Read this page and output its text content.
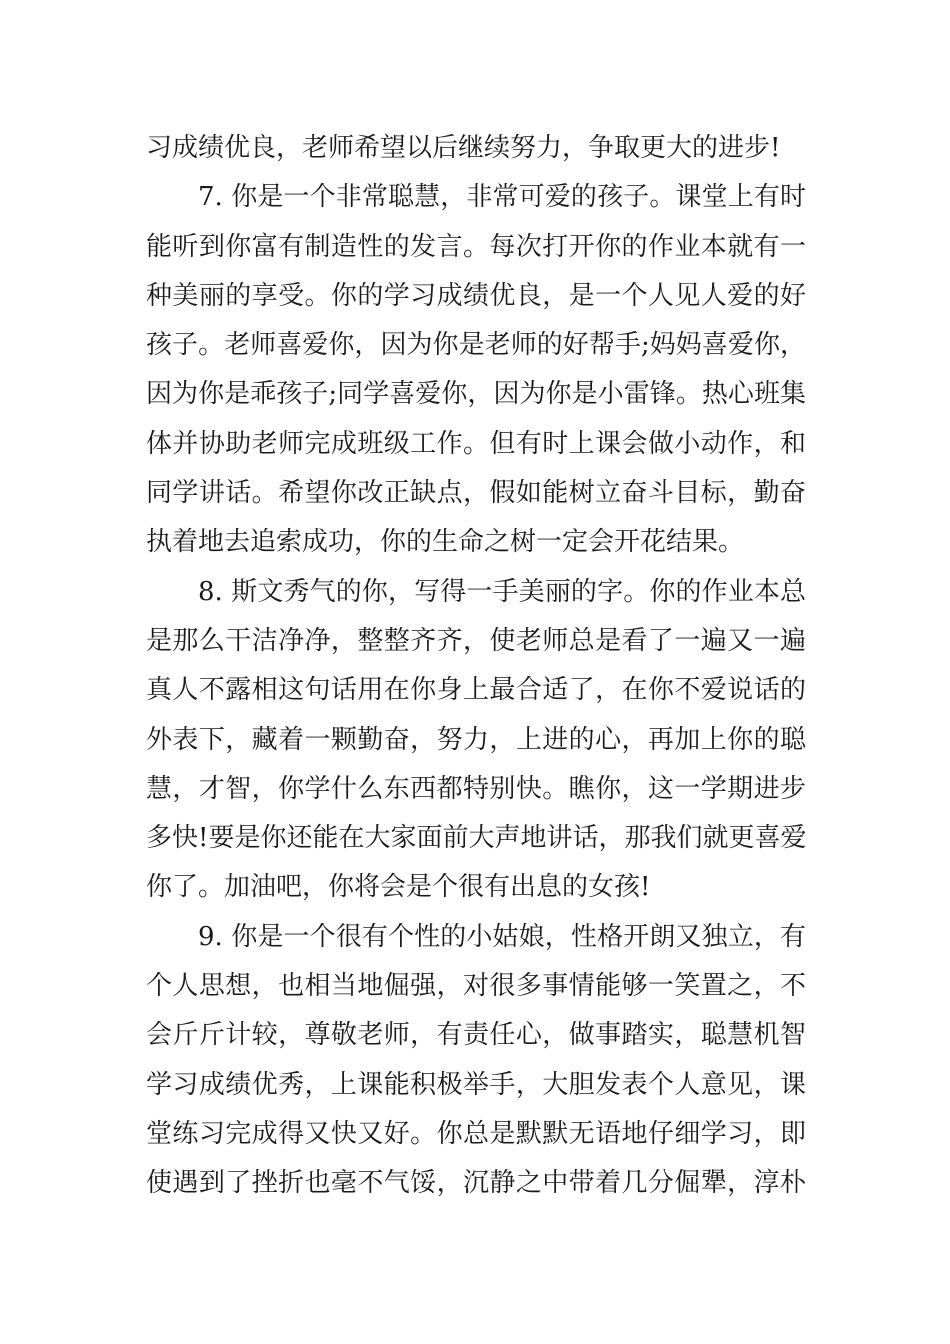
习成绩优良，老师希望以后继续努力，争取更大的进步!
7. 你是一个非常聪慧，非常可爱的孩子。课堂上有时
能听到你富有制造性的发言。每次打开你的作业本就有一
种美丽的享受。你的学习成绩优良，是一个人见人爱的好
孩子。老师喜爱你，因为你是老师的好帮手;妈妈喜爱你，
因为你是乖孩子;同学喜爱你，因为你是小雷锋。热心班集
体并协助老师完成班级工作。但有时上课会做小动作，和
同学讲话。希望你改正缺点，假如能树立奋斗目标，勤奋
执着地去追索成功，你的生命之树一定会开花结果。
8. 斯文秀气的你，写得一手美丽的字。你的作业本总
是那么干洁净净，整整齐齐，使老师总是看了一遍又一遍
真人不露相这句话用在你身上最合适了，在你不爱说话的
外表下，藏着一颗勤奋，努力，上进的心，再加上你的聪
慧，才智，你学什么东西都特别快。瞧你，这一学期进步
多快!要是你还能在大家面前大声地讲话，那我们就更喜爱
你了。加油吧，你将会是个很有出息的女孩!
9. 你是一个很有个性的小姑娘，性格开朗又独立，有
个人思想，也相当地倔强，对很多事情能够一笑置之，不
会斤斤计较，尊敬老师，有责任心，做事踏实，聪慧机智
学习成绩优秀，上课能积极举手，大胆发表个人意见，课
堂练习完成得又快又好。你总是默默无语地仔细学习，即
使遇到了挫折也毫不气馁，沉静之中带着几分倔犟，淳朴
